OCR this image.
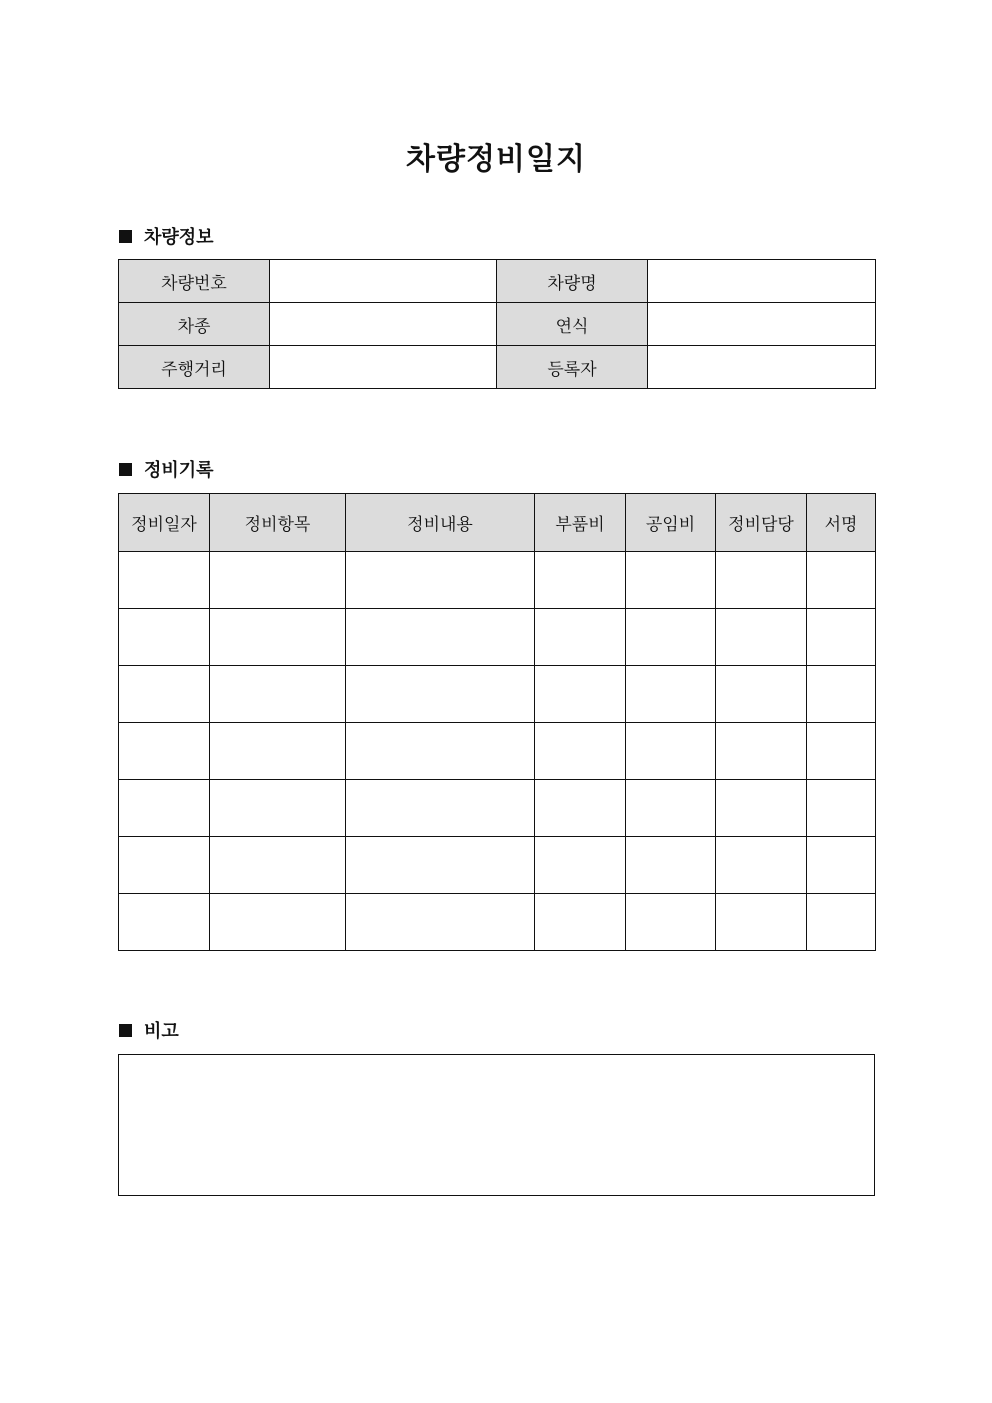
차량정비일지
차량정보
차량번호		차량명	
차종		연식	
주행거리		등록자	
정비기록
정비일자	정비항목	정비내용	부품비	공임비	정비담당	서명

비고
